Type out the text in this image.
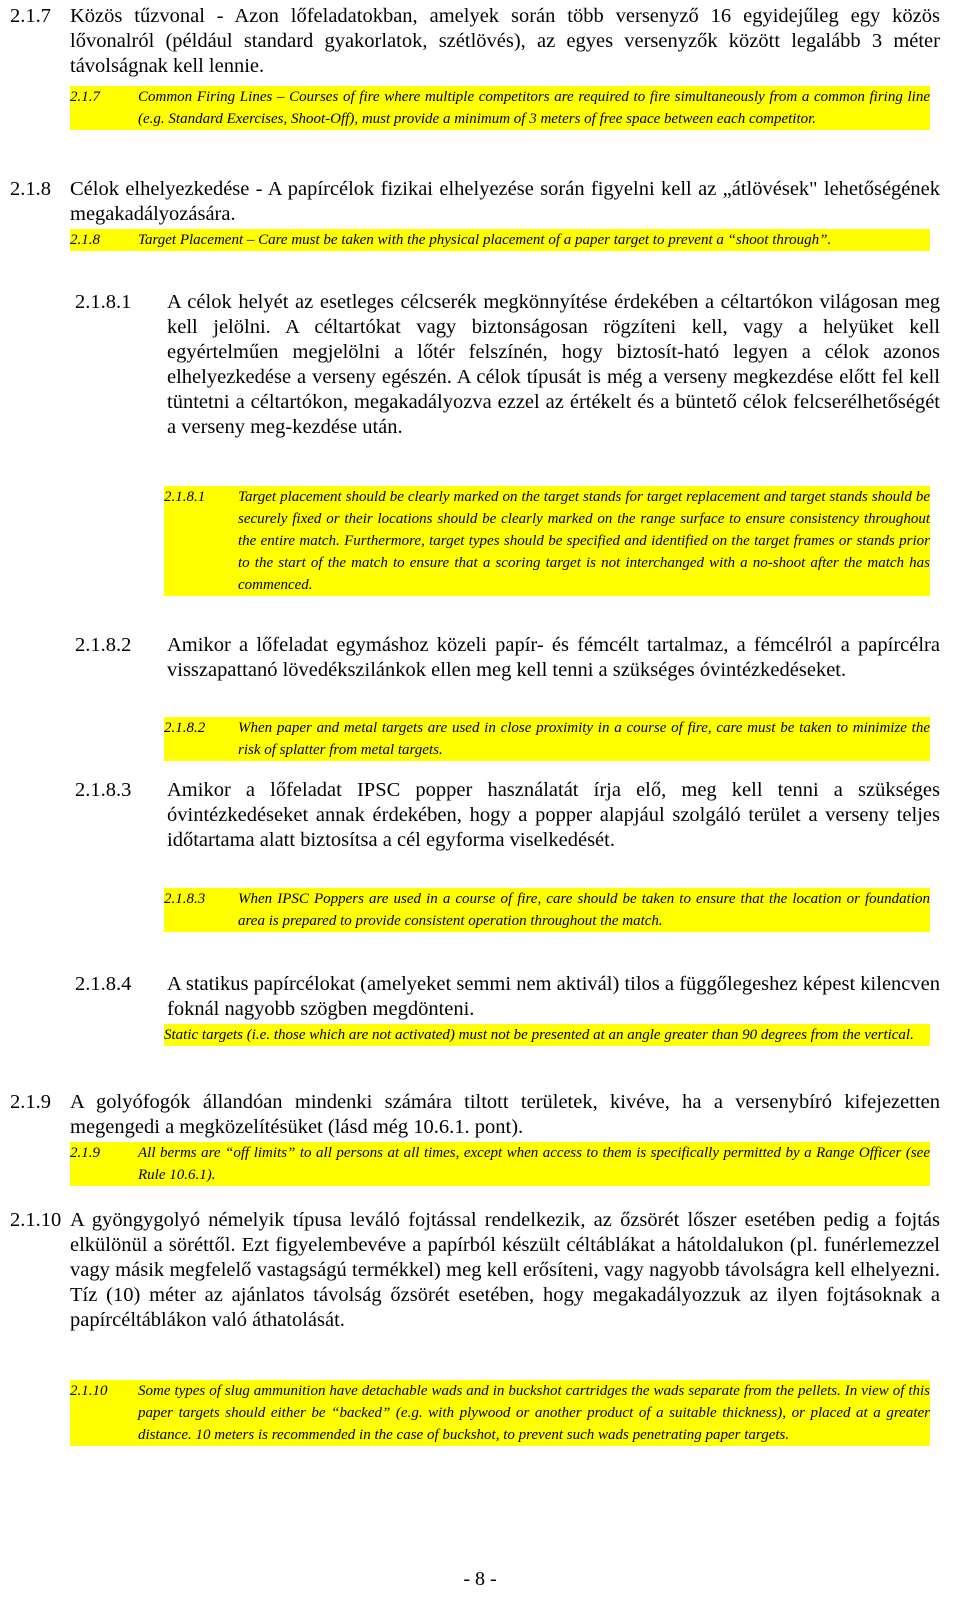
2.1.7 Közös tűzvonal - Azon lőfeladatokban, amelyek során több versenyző 16 egyidejűleg egy közös lővonalról (például standard gyakorlatok, szétlövés), az egyes versenyzők között legalább 3 méter távolságnak kell lennie.
2.1.7	Common Firing Lines – Courses of fire where multiple competitors are required to fire simultaneously from a common firing line (e.g. Standard Exercises, Shoot-Off), must provide a minimum of 3 meters of free space between each competitor.
2.1.8 Célok elhelyezkedése - A papírcélok fizikai elhelyezése során figyelni kell az „átlövések" lehetőségének megakadályozására.
2.1.8	Target Placement – Care must be taken with the physical placement of a paper target to prevent a “shoot through”.
2.1.8.1	A célok helyét az esetleges célcserék megkönnyítése érdekében a céltartókon világosan meg kell jelölni. A céltartókat vagy biztonságosan rögzíteni kell, vagy a helyüket kell egyértelműen megjelölni a lőtér felszínén, hogy biztosít-ható legyen a célok azonos elhelyezkedése a verseny egészén. A célok típusát is még a verseny megkezdése előtt fel kell tüntetni a céltartókon, megakadályozva ezzel az értékelt és a büntető célok felcserélhetőségét a verseny meg-kezdése után.
2.1.8.1	Target placement should be clearly marked on the target stands for target replacement and target stands should be securely fixed or their locations should be clearly marked on the range surface to ensure consistency throughout the entire match. Furthermore, target types should be specified and identified on the target frames or stands prior to the start of the match to ensure that a scoring target is not interchanged with a no-shoot after the match has commenced.
2.1.8.2	Amikor a lőfeladat egymáshoz közeli papír- és fémcélt tartalmaz, a fémcélról a papírcélra visszapattanó lövedékszilánkok ellen meg kell tenni a szükséges óvintézkedéseket.
2.1.8.2	When paper and metal targets are used in close proximity in a course of fire, care must be taken to minimize the risk of splatter from metal targets.
2.1.8.3	Amikor a lőfeladat IPSC popper használatát írja elő, meg kell tenni a szükséges óvintézkedéseket annak érdekében, hogy a popper alapjául szolgáló terület a verseny teljes időtartama alatt biztosítsa a cél egyforma viselkedését.
2.1.8.3	When IPSC Poppers are used in a course of fire, care should be taken to ensure that the location or foundation area is prepared to provide consistent operation throughout the match.
2.1.8.4	A statikus papírcélokat (amelyeket semmi nem aktivál) tilos a függőlegeshez képest kilencven foknál nagyobb szögben megdönteni.
Static targets (i.e. those which are not activated) must not be presented at an angle greater than 90 degrees from the vertical.
2.1.9 A golyófogók állandóan mindenki számára tiltott területek, kivéve, ha a versenybíró kifejezetten megengedi a megközelítésüket (lásd még 10.6.1. pont).
2.1.9	All berms are “off limits” to all persons at all times, except when access to them is specifically permitted by a Range Officer (see Rule 10.6.1).
2.1.10 A gyöngygolyó némelyik típusa leváló fojtással rendelkezik, az őzsörét lőszer esetében pedig a fojtás elkülönül a söréttől. Ezt figyelembevéve a papírból készült céltáblákat a hátoldalukon (pl. funérlemezzel vagy másik megfelelő vastagságú termékkel) meg kell erősíteni, vagy nagyobb távolságra kell elhelyezni. Tíz (10) méter az ajánlatos távolság őzsörét esetében, hogy megakadályozzuk az ilyen fojtásoknak a papírcéltáblákon való áthatolását.
2.1.10	Some types of slug ammunition have detachable wads and in buckshot cartridges the wads separate from the pellets. In view of this paper targets should either be “backed” (e.g. with plywood or another product of a suitable thickness), or placed at a greater distance. 10 meters is recommended in the case of buckshot, to prevent such wads penetrating paper targets.
- 8 -
